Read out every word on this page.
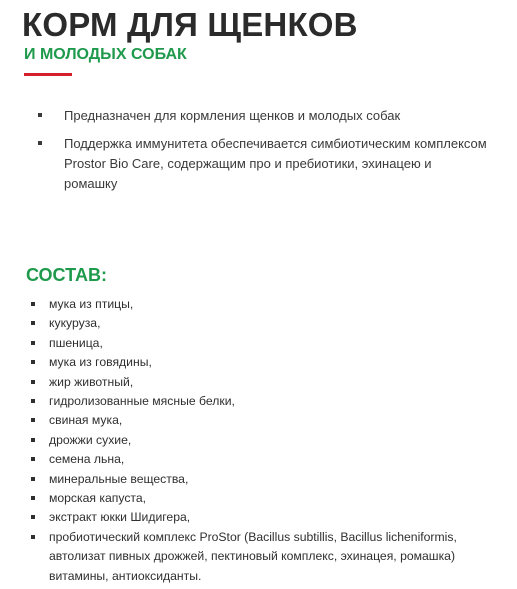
КОРМ ДЛЯ ЩЕНКОВ
И МОЛОДЫХ СОБАК
Предназначен для кормления щенков и молодых собак
Поддержка иммунитета обеспечивается симбиотическим комплексом Prostor Bio Care, содержащим про и пребиотики, эхинацею и ромашку
СОСТАВ:
мука из птицы,
кукуруза,
пшеница,
мука из говядины,
жир животный,
гидролизованные мясные белки,
свиная мука,
дрожжи сухие,
семена льна,
минеральные вещества,
морская капуста,
экстракт юкки Шидигера,
пробиотический комплекс ProStor (Bacillus subtillis, Bacillus licheniformis, автолизат пивных дрожжей, пектиновый комплекс, эхинацея, ромашка) витамины, антиоксиданты.
